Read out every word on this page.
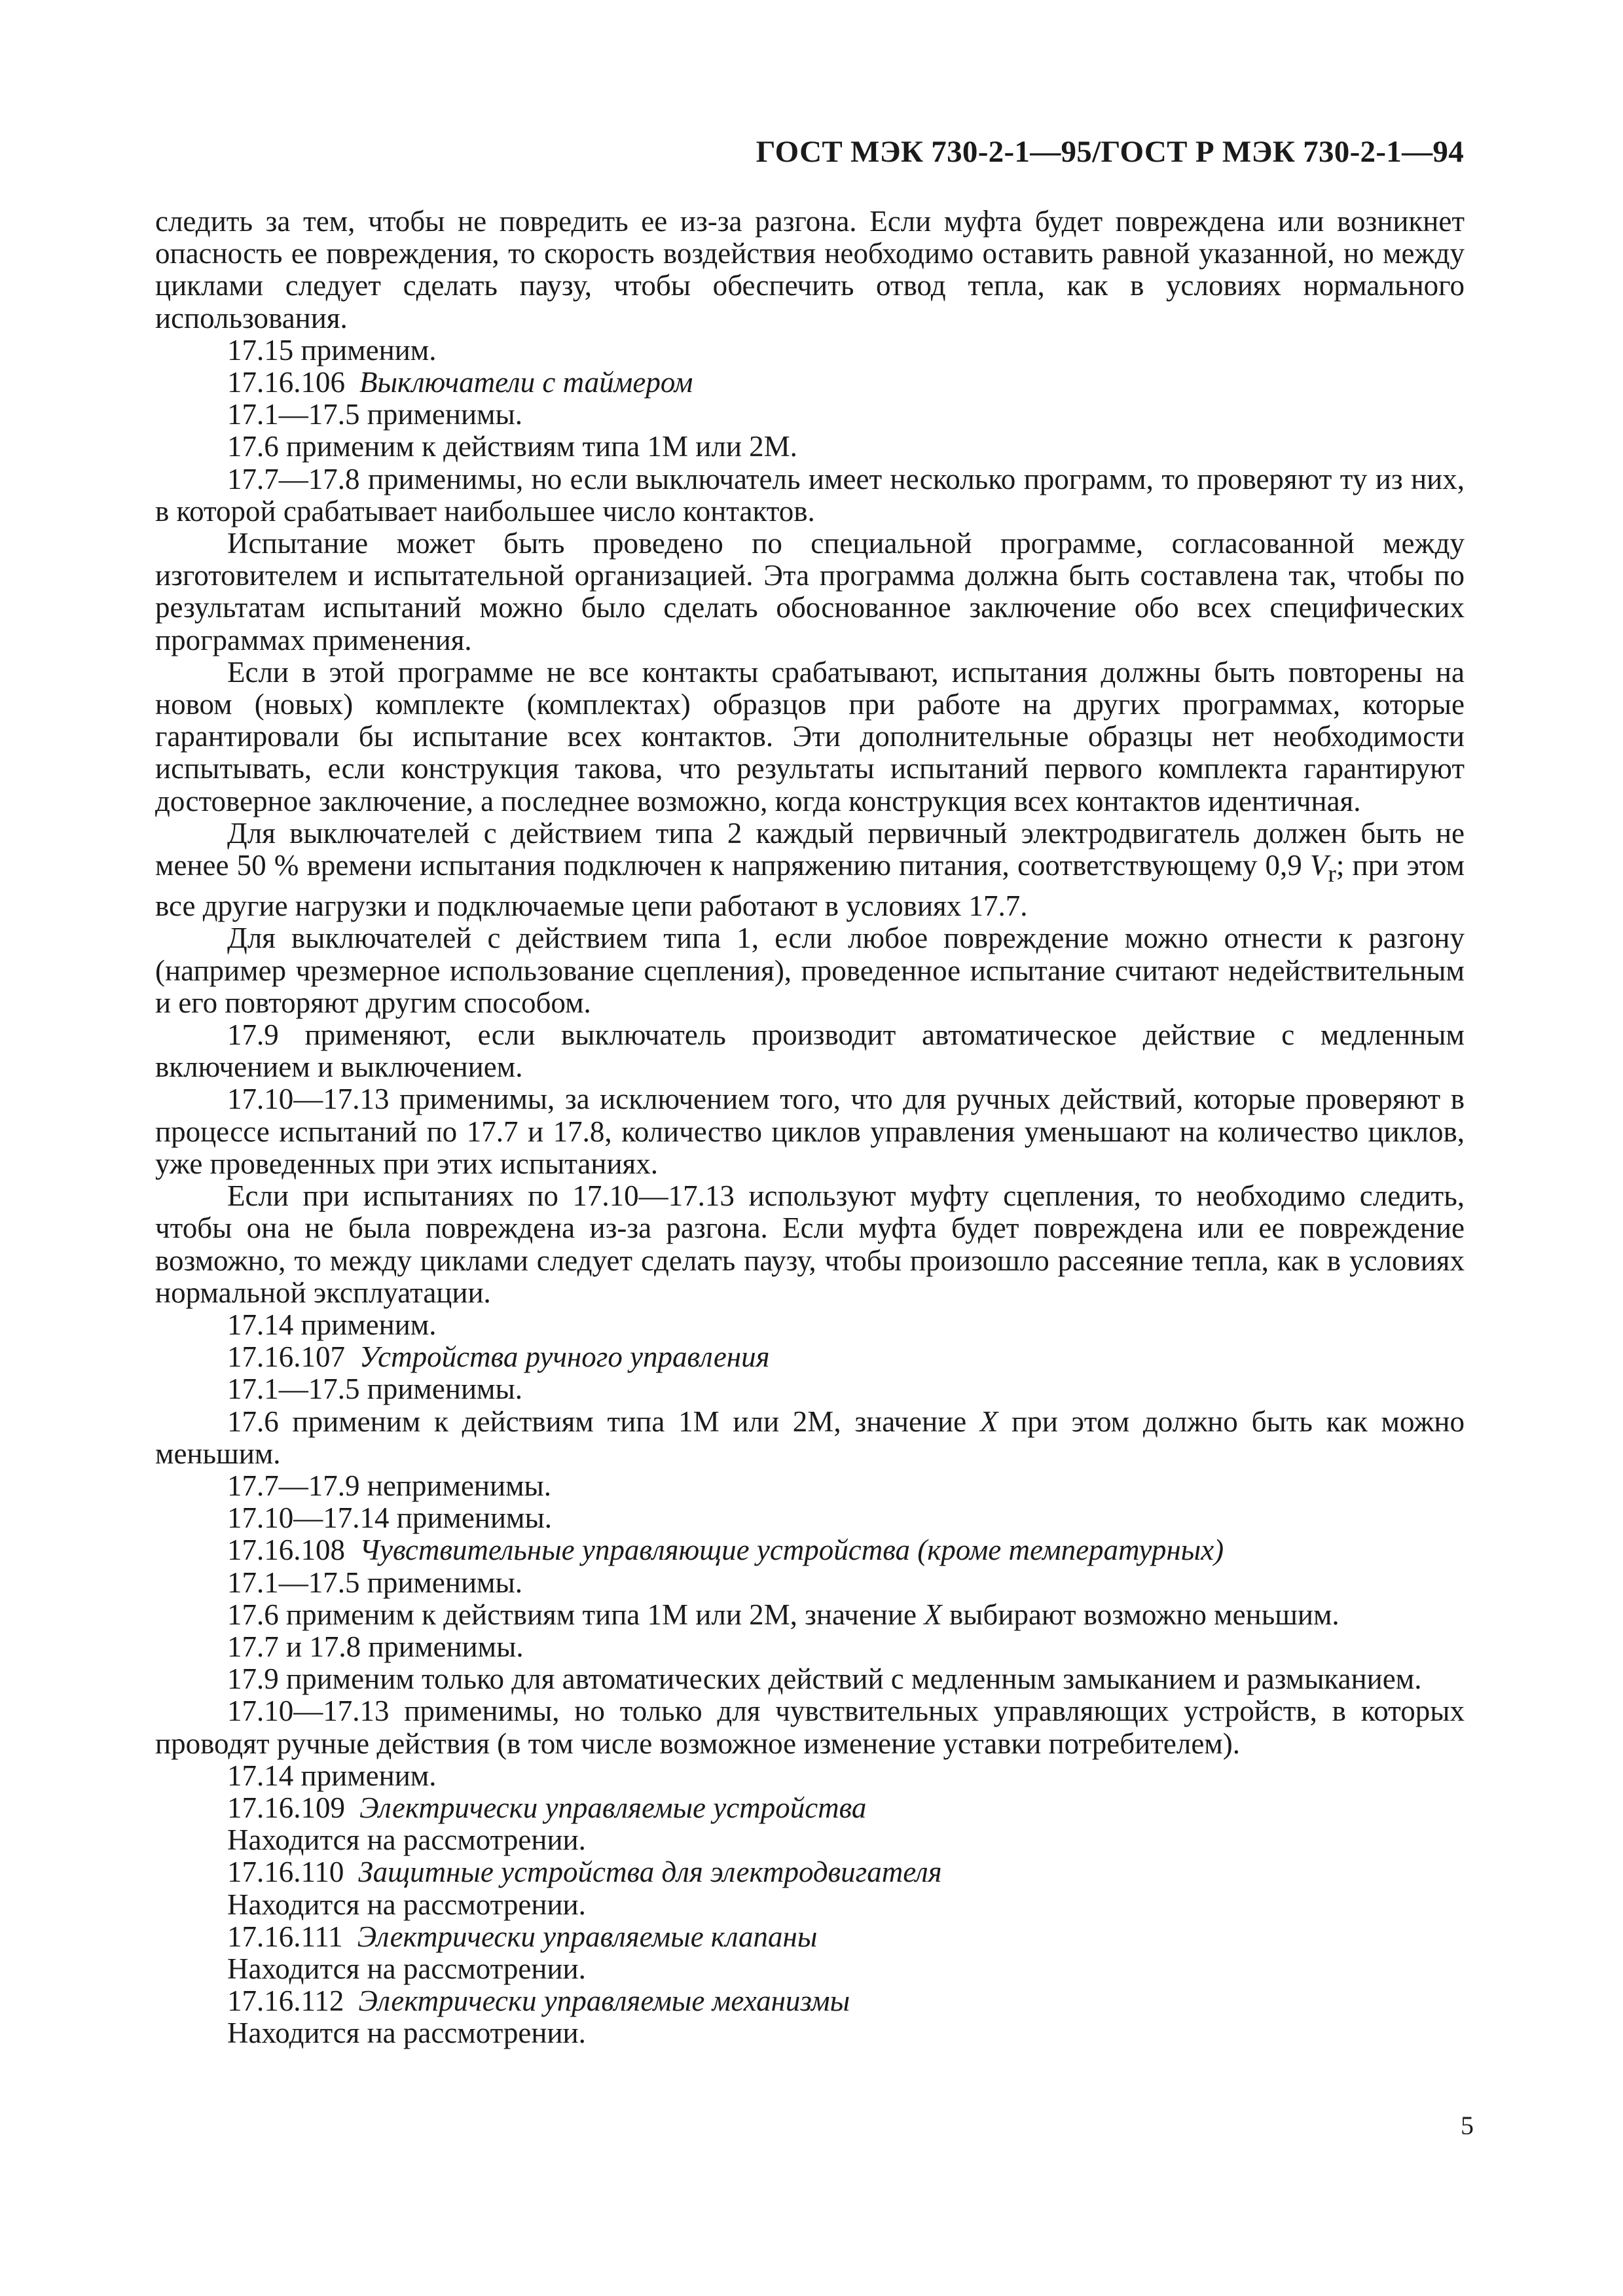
ГОСТ МЭК 730-2-1—95/ГОСТ Р МЭК 730-2-1—94

следить за тем, чтобы не повредить ее из-за разгона. Если муфта будет повреждена или возникнет опасность ее повреждения, то скорость воздействия необходимо оставить равной указанной, но между циклами следует сделать паузу, чтобы обеспечить отвод тепла, как в условиях нормального использования.

17.15 применим.

17.16.106 Выключатели с таймером

17.1—17.5 применимы.

17.6 применим к действиям типа 1М или 2М.

17.7—17.8 применимы, но если выключатель имеет несколько программ, то проверяют ту из них, в которой срабатывает наибольшее число контактов.

Испытание может быть проведено по специальной программе, согласованной между изготовителем и испытательной организацией. Эта программа должна быть составлена так, чтобы по результатам испытаний можно было сделать обоснованное заключение обо всех специфических программах применения.

Если в этой программе не все контакты срабатывают, испытания должны быть повторены на новом (новых) комплекте (комплектах) образцов при работе на других программах, которые гарантировали бы испытание всех контактов. Эти дополнительные образцы нет необходимости испытывать, если конструкция такова, что результаты испытаний первого комплекта гарантируют достоверное заключение, а последнее возможно, когда конструкция всех контактов идентичная.

Для выключателей с действием типа 2 каждый первичный электродвигатель должен быть не менее 50 % времени испытания подключен к напряжению питания, соответствующему 0,9 $V_r$; при этом все другие нагрузки и подключаемые цепи работают в условиях 17.7.

Для выключателей с действием типа 1, если любое повреждение можно отнести к разгону (например чрезмерное использование сцепления), проведенное испытание считают недействительным и его повторяют другим способом.

17.9 применяют, если выключатель производит автоматическое действие с медленным включением и выключением.

17.10—17.13 применимы, за исключением того, что для ручных действий, которые проверяют в процессе испытаний по 17.7 и 17.8, количество циклов управления уменьшают на количество циклов, уже проведенных при этих испытаниях.

Если при испытаниях по 17.10—17.13 используют муфту сцепления, то необходимо следить, чтобы она не была повреждена из-за разгона. Если муфта будет повреждена или ее повреждение возможно, то между циклами следует сделать паузу, чтобы произошло рассеяние тепла, как в условиях нормальной эксплуатации.

17.14 применим.

17.16.107 Устройства ручного управления

17.1—17.5 применимы.

17.6 применим к действиям типа 1М или 2М, значение X при этом должно быть как можно меньшим.

17.7—17.9 неприменимы.

17.10—17.14 применимы.

17.16.108 Чувствительные управляющие устройства (кроме температурных)

17.1—17.5 применимы.

17.6 применим к действиям типа 1М или 2М, значение X выбирают возможно меньшим.

17.7 и 17.8 применимы.

17.9 применим только для автоматических действий с медленным замыканием и размыканием.

17.10—17.13 применимы, но только для чувствительных управляющих устройств, в которых проводят ручные действия (в том числе возможное изменение уставки потребителем).

17.14 применим.

17.16.109 Электрически управляемые устройства

Находится на рассмотрении.

17.16.110 Защитные устройства для электродвигателя

Находится на рассмотрении.

17.16.111 Электрически управляемые клапаны

Находится на рассмотрении.

17.16.112 Электрически управляемые механизмы

Находится на рассмотрении.

5
